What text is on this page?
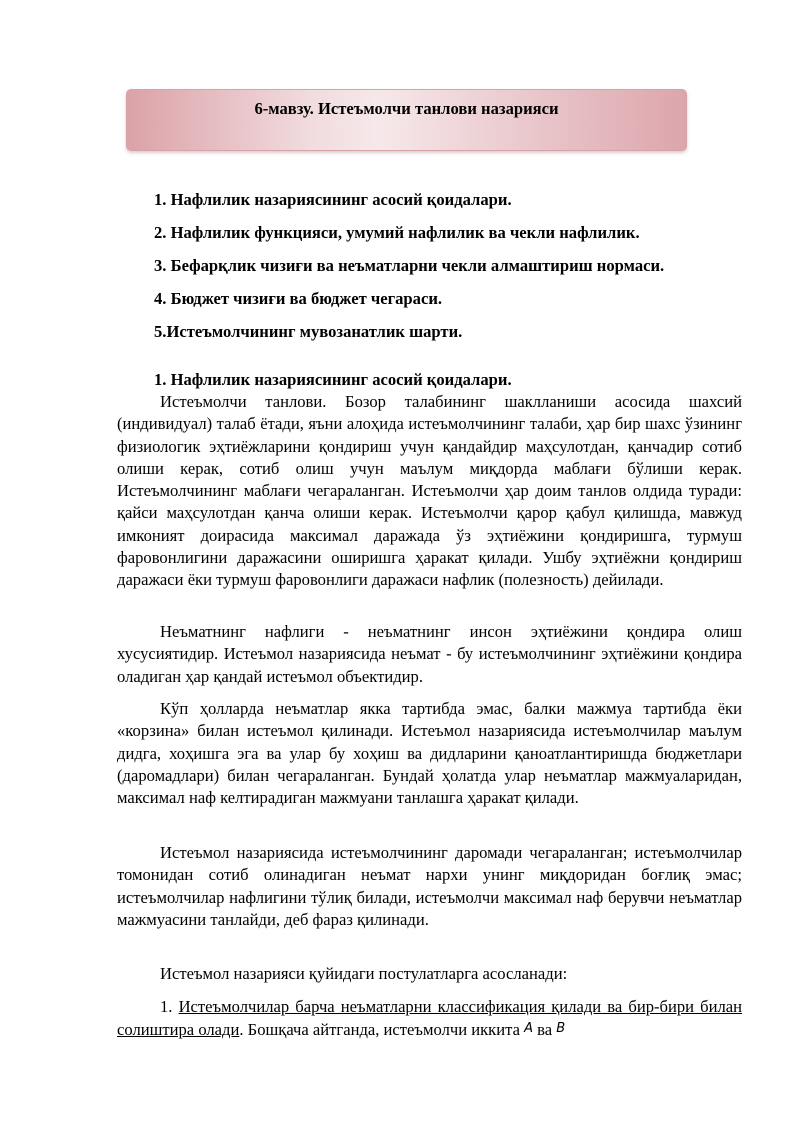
6-мавзу. Истеъмолчи танлови назарияси
1. Нафлилик назариясининг асосий қоидалари.
2. Нафлилик функцияси, умумий нафлилик ва чекли нафлилик.
3. Бефарқлик чизиғи ва неъматларни чекли алмаштириш нормаси.
4. Бюджет чизиғи ва бюджет чегараси.
5.Истеъмолчининг мувозанатлик шарти.
1. Нафлилик назариясининг асосий қоидалари.

Истеъмолчи танлови. Бозор талабининг шаклланиши асосида шахсий (индивидуал) талаб ётади, яъни алоҳида истеъмолчининг талаби, ҳар бир шахс ўзининг физиологик эҳтиёжларини қондириш учун қандайдир маҳсулотдан, қанчадир сотиб олиши керак, сотиб олиш учун маълум миқдорда маблағи бўлиши керак. Истеъмолчининг маблағи чегараланган. Истеъмолчи ҳар доим танлов олдида туради: қайси маҳсулотдан қанча олиши керак. Истеъмолчи қарор қабул қилишда, мавжуд имконият доирасида максимал даражада ўз эҳтиёжини қондиришга, турмуш фаровонлигини даражасини оширишга ҳаракат қилади. Ушбу эҳтиёжни қондириш даражаси ёки турмуш фаровонлиги даражаси нафлик (полезность) дейилади.

Неъматнинг нафлиги - неъматнинг инсон эҳтиёжини қондира олиш хусусиятидир. Истеъмол назариясида неъмат - бу истеъмолчининг эҳтиёжини қондира оладиган ҳар қандай истеъмол объектидир.

Кўп ҳолларда неъматлар якка тартибда эмас, балки мажмуа тартибда ёки «корзина» билан истеъмол қилинади. Истеъмол назариясида истеъмолчилар маълум дидга, хоҳишга эга ва улар бу хоҳиш ва дидларини қаноатлантиришда бюджетлари (даромадлари) билан чегараланган. Бундай ҳолатда улар неъматлар мажмуаларидан, максимал наф келтирадиган мажмуани танлашга ҳаракат қилади.

Истеъмол назариясида истеъмолчининг даромади чегараланган; истеъмолчилар томонидан сотиб олинадиган неъмат нархи унинг миқдоридан боғлиқ эмас; истеъмолчилар нафлигини тўлиқ билади, истеъмолчи максимал наф берувчи неъматлар мажмуасини танлайди, деб фараз қилинади.

Истеъмол назарияси қуйидаги постулатларга асосланади:

1. Истеъмолчилар барча неъматларни классификация қилади ва бир-бири билан солиштира олади. Бошқача айтганда, истеъмолчи иккита A ва B
